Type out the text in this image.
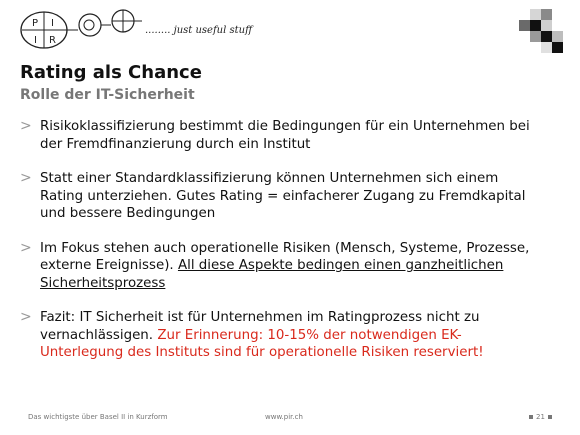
P I
I R
........ just useful stuff
Rating als Chance
Rolle der IT-Sicherheit
> Risikoklassifizierung bestimmt die Bedingungen für ein Unternehmen bei der Fremdfinanzierung durch ein Institut
> Statt einer Standardklassifizierung können Unternehmen sich einem Rating unterziehen. Gutes Rating = einfacherer Zugang zu Fremdkapital und bessere Bedingungen
> Im Fokus stehen auch operationelle Risiken (Mensch, Systeme, Prozesse, externe Ereignisse). All diese Aspekte bedingen einen ganzheitlichen Sicherheitsprozess
> Fazit: IT Sicherheit ist für Unternehmen im Ratingprozess nicht zu vernachlässigen. Zur Erinnerung: 10-15% der notwendigen EK-Unterlegung des Instituts sind für operationelle Risiken reserviert!
Das wichtigste über Basel II in Kurzform	www.pir.ch	21
